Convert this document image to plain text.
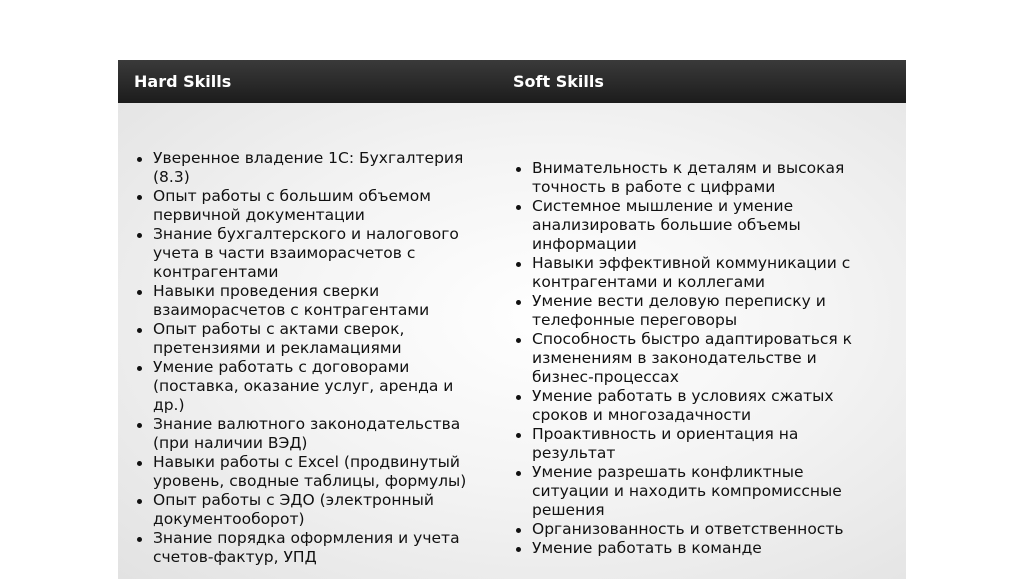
Hard Skills	Soft Skills
Уверенное владение 1С: Бухгалтерия (8.3)
Опыт работы с большим объемом первичной документации
Знание бухгалтерского и налогового учета в части взаиморасчетов с контрагентами
Навыки проведения сверки взаиморасчетов с контрагентами
Опыт работы с актами сверок, претензиями и рекламациями
Умение работать с договорами (поставка, оказание услуг, аренда и др.)
Знание валютного законодательства (при наличии ВЭД)
Навыки работы с Excel (продвинутый уровень, сводные таблицы, формулы)
Опыт работы с ЭДО (электронный документооборот)
Знание порядка оформления и учета счетов-фактур, УПД
Внимательность к деталям и высокая точность в работе с цифрами
Системное мышление и умение анализировать большие объемы информации
Навыки эффективной коммуникации с контрагентами и коллегами
Умение вести деловую переписку и телефонные переговоры
Способность быстро адаптироваться к изменениям в законодательстве и бизнес-процессах
Умение работать в условиях сжатых сроков и многозадачности
Проактивность и ориентация на результат
Умение разрешать конфликтные ситуации и находить компромиссные решения
Организованность и ответственность
Умение работать в команде
